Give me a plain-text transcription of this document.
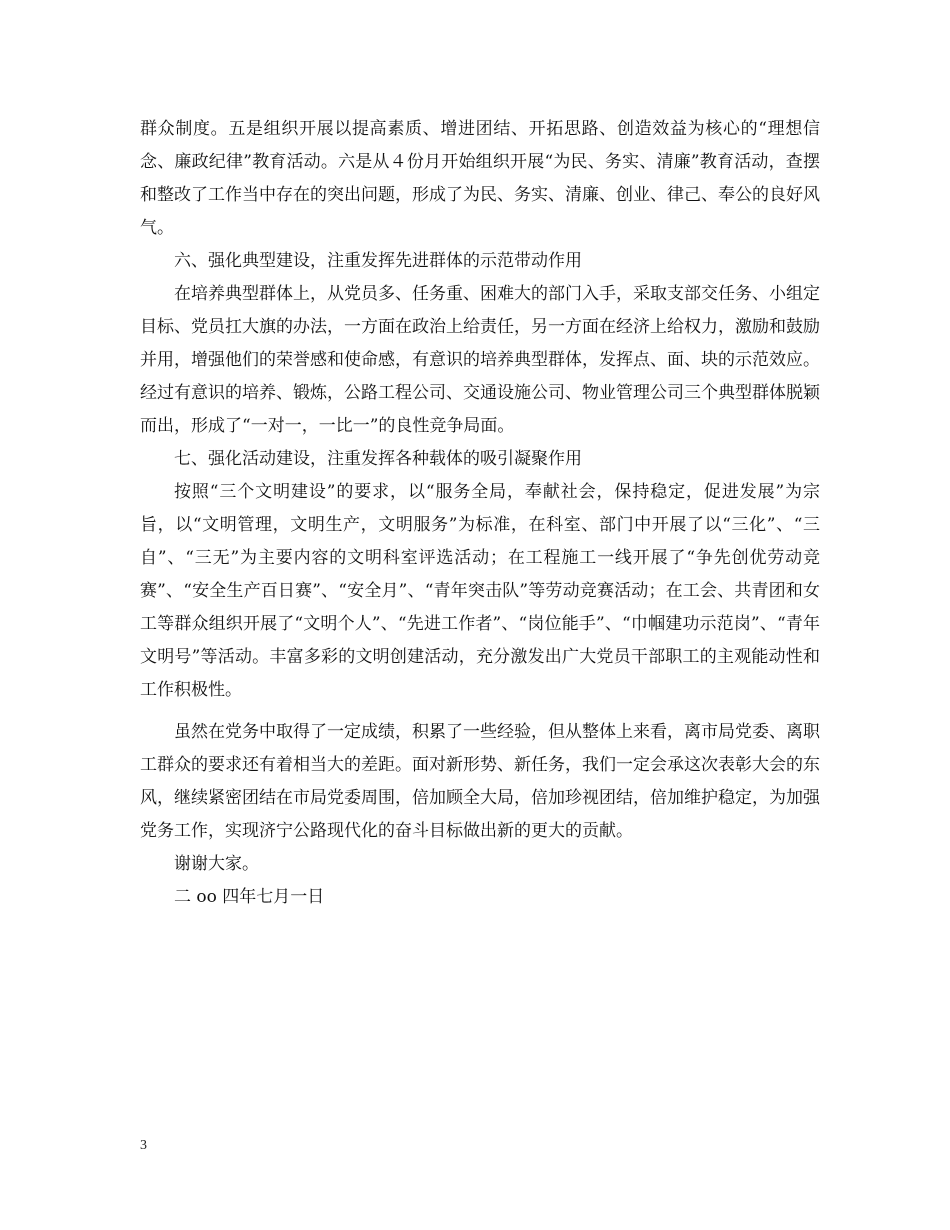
群众制度。五是组织开展以提高素质、增进团结、开拓思路、创造效益为核心的“理想信念、廉政纪律”教育活动。六是从４份月开始组织开展“为民、务实、清廉”教育活动，查摆和整改了工作当中存在的突出问题，形成了为民、务实、清廉、创业、律己、奉公的良好风气。

六、强化典型建设，注重发挥先进群体的示范带动作用

在培养典型群体上，从党员多、任务重、困难大的部门入手，采取支部交任务、小组定目标、党员扛大旗的办法，一方面在政治上给责任，另一方面在经济上给权力，激励和鼓励并用，增强他们的荣誉感和使命感，有意识的培养典型群体，发挥点、面、块的示范效应。经过有意识的培养、锻炼，公路工程公司、交通设施公司、物业管理公司三个典型群体脱颖而出，形成了“一对一，一比一”的良性竞争局面。

七、强化活动建设，注重发挥各种载体的吸引凝聚作用

按照“三个文明建设”的要求，以“服务全局，奉献社会，保持稳定，促进发展”为宗旨，以“文明管理，文明生产，文明服务”为标准，在科室、部门中开展了以“三化”、“三自”、“三无”为主要内容的文明科室评选活动；在工程施工一线开展了“争先创优劳动竞赛”、“安全生产百日赛”、“安全月”、“青年突击队”等劳动竞赛活动；在工会、共青团和女工等群众组织开展了“文明个人”、“先进工作者”、“岗位能手”、“巾帼建功示范岗”、“青年文明号”等活动。丰富多彩的文明创建活动，充分激发出广大党员干部职工的主观能动性和工作积极性。

虽然在党务中取得了一定成绩，积累了一些经验，但从整体上来看，离市局党委、离职工群众的要求还有着相当大的差距。面对新形势、新任务，我们一定会承这次表彰大会的东风，继续紧密团结在市局党委周围，倍加顾全大局，倍加珍视团结，倍加维护稳定，为加强党务工作，实现济宁公路现代化的奋斗目标做出新的更大的贡献。

谢谢大家。

二 oo 四年七月一日

3
